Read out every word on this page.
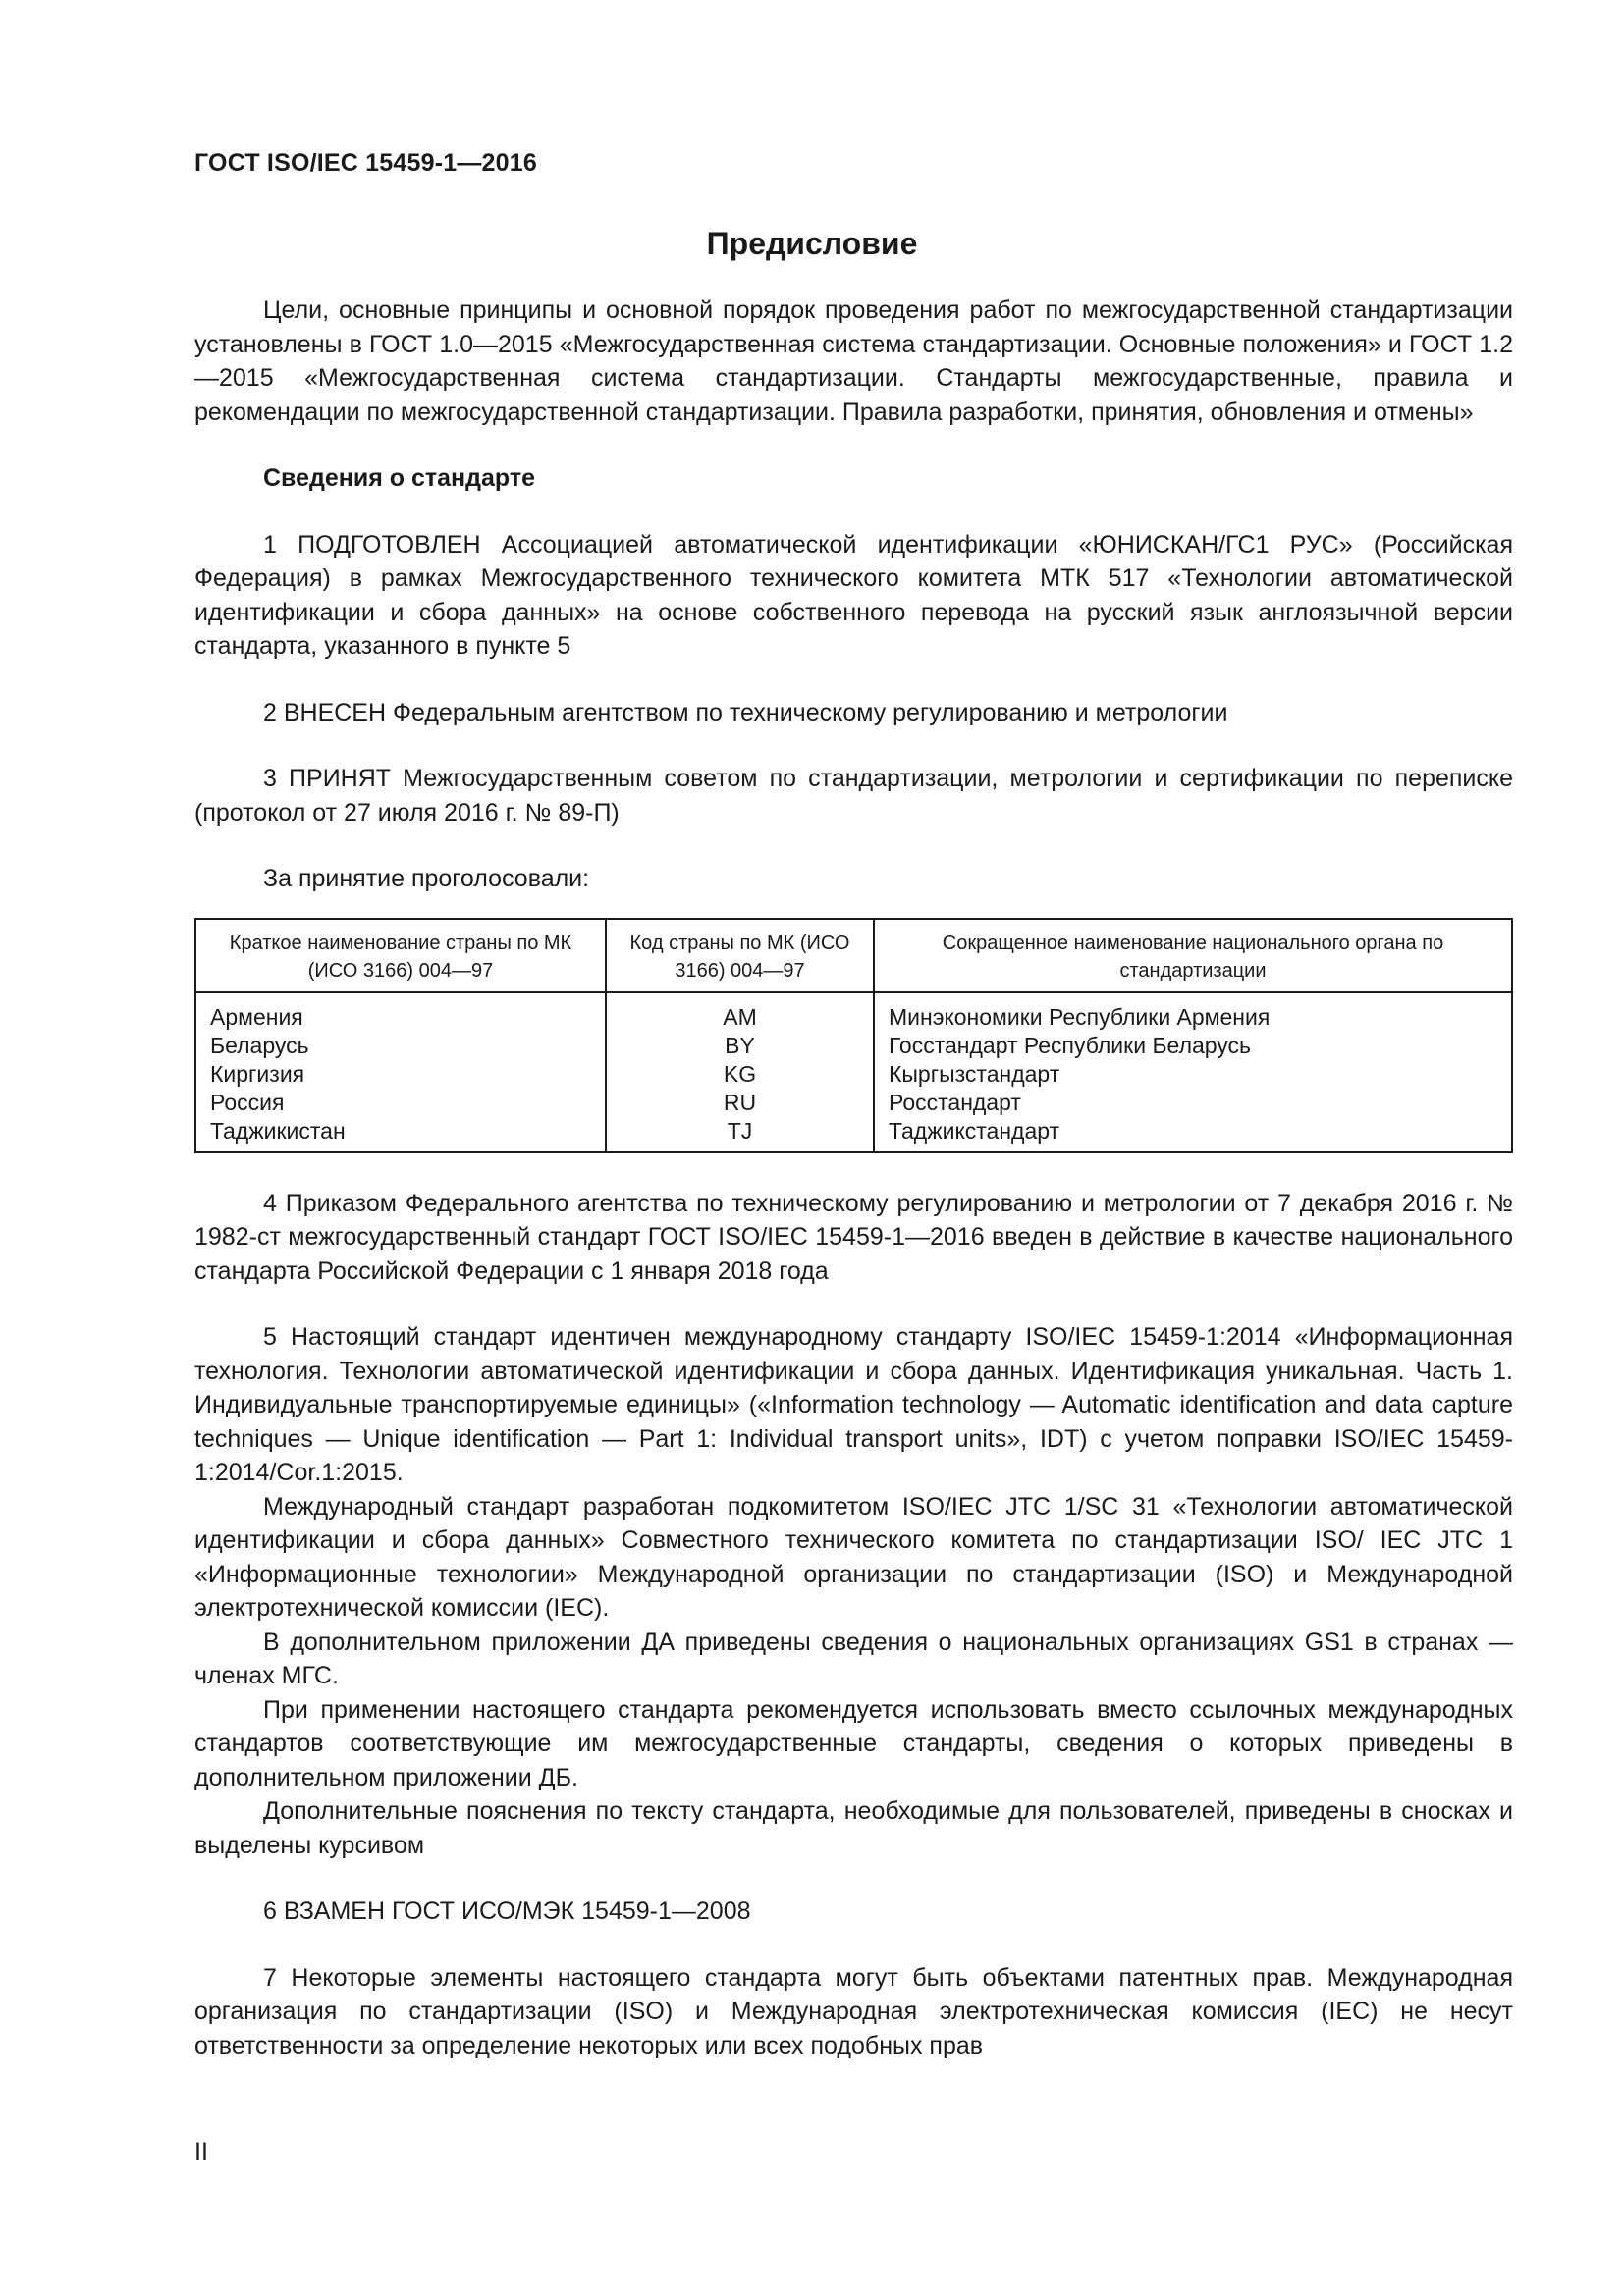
ГОСТ ISO/IEC 15459-1—2016
Предисловие

Цели, основные принципы и основной порядок проведения работ по межгосударственной стандартизации установлены в ГОСТ 1.0—2015 «Межгосударственная система стандартизации. Основные положения» и ГОСТ 1.2—2015 «Межгосударственная система стандартизации. Стандарты межгосударственные, правила и рекомендации по межгосударственной стандартизации. Правила разработки, принятия, обновления и отмены»

Сведения о стандарте

1 ПОДГОТОВЛЕН Ассоциацией автоматической идентификации «ЮНИСКАН/ГС1 РУС» (Российская Федерация) в рамках Межгосударственного технического комитета МТК 517 «Технологии автоматической идентификации и сбора данных» на основе собственного перевода на русский язык англоязычной версии стандарта, указанного в пункте 5

2 ВНЕСЕН Федеральным агентством по техническому регулированию и метрологии

3 ПРИНЯТ Межгосударственным советом по стандартизации, метрологии и сертификации по переписке (протокол от 27 июля 2016 г. № 89-П)

За принятие проголосовали:

Краткое наименование страны по МК (ИСО 3166) 004—97	Код страны по МК (ИСО 3166) 004—97	Сокращенное наименование национального органа по стандартизации
Армения	AM	Минэкономики Республики Армения
Беларусь	BY	Госстандарт Республики Беларусь
Киргизия	KG	Кыргызстандарт
Россия	RU	Росстандарт
Таджикистан	TJ	Таджикстандарт

4 Приказом Федерального агентства по техническому регулированию и метрологии от 7 декабря 2016 г. № 1982-ст межгосударственный стандарт ГОСТ ISO/IEC 15459-1—2016 введен в действие в качестве национального стандарта Российской Федерации с 1 января 2018 года

5 Настоящий стандарт идентичен международному стандарту ISO/IEC 15459-1:2014 «Информационная технология. Технологии автоматической идентификации и сбора данных. Идентификация уникальная. Часть 1. Индивидуальные транспортируемые единицы» («Information technology — Automatic identification and data capture techniques — Unique identification — Part 1: Individual transport units», IDT) с учетом поправки ISO/IEC 15459-1:2014/Cor.1:2015.

Международный стандарт разработан подкомитетом ISO/IEC JTC 1/SC 31 «Технологии автоматической идентификации и сбора данных» Совместного технического комитета по стандартизации ISO/ IEC JTC 1 «Информационные технологии» Международной организации по стандартизации (ISO) и Международной электротехнической комиссии (IEC).

В дополнительном приложении ДА приведены сведения о национальных организациях GS1 в странах — членах МГС.

При применении настоящего стандарта рекомендуется использовать вместо ссылочных международных стандартов соответствующие им межгосударственные стандарты, сведения о которых приведены в дополнительном приложении ДБ.

Дополнительные пояснения по тексту стандарта, необходимые для пользователей, приведены в сносках и выделены курсивом

6 ВЗАМЕН ГОСТ ИСО/МЭК 15459-1—2008

7 Некоторые элементы настоящего стандарта могут быть объектами патентных прав. Международная организация по стандартизации (ISO) и Международная электротехническая комиссия (IEC) не несут ответственности за определение некоторых или всех подобных прав

II
